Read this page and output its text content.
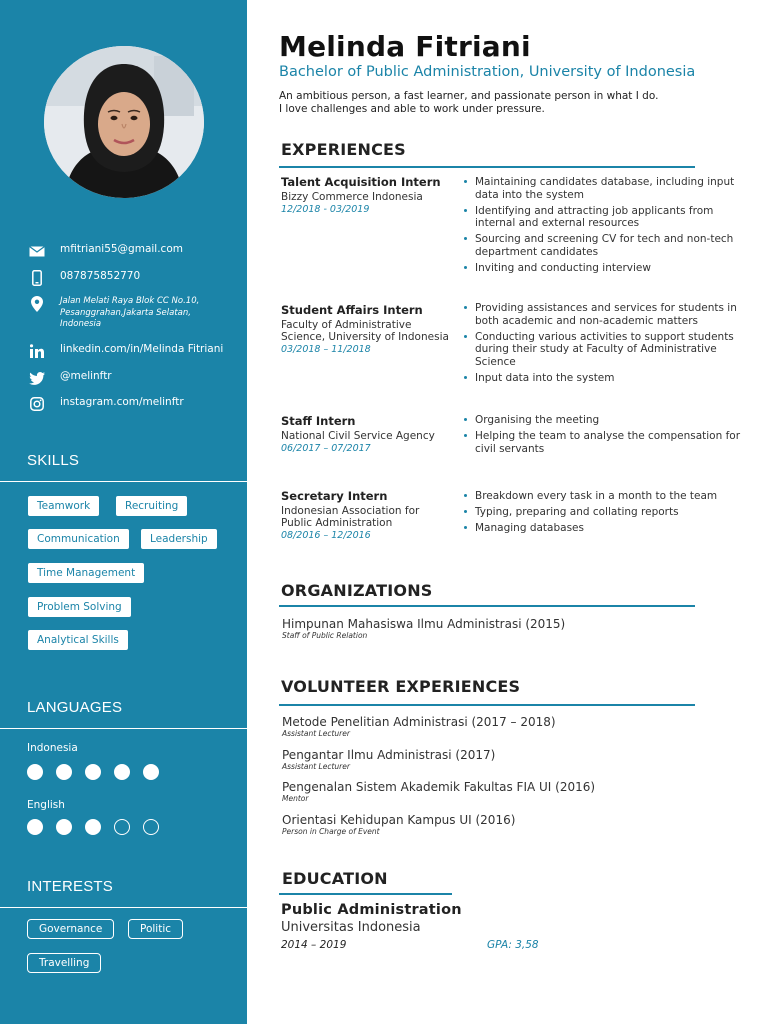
mfitriani55@gmail.com
087875852770
Jalan Melati Raya Blok CC No.10, Pesanggrahan,Jakarta Selatan, Indonesia
linkedin.com/in/Melinda Fitriani
@melinftr
instagram.com/melinftr
SKILLS
Teamwork	Recruiting
Communication	Leadership
Time Management
Problem Solving
Analytical Skills
LANGUAGES
Indonesia
English
INTERESTS
Governance	Politic
Travelling
Melinda Fitriani
Bachelor of Public Administration, University of Indonesia
An ambitious person, a fast learner, and passionate person in what I do.
I love challenges and able to work under pressure.
EXPERIENCES
Talent Acquisition Intern
Bizzy Commerce Indonesia
12/2018 - 03/2019
Maintaining candidates database, including input data into the system
Identifying and attracting job applicants from internal and external resources
Sourcing and screening CV for tech and non-tech department candidates
Inviting and conducting interview
Student Affairs Intern
Faculty of Administrative Science, University of Indonesia
03/2018 – 11/2018
Providing assistances and services for students in both academic and non-academic matters
Conducting various activities to support students during their study at Faculty of Administrative Science
Input data into the system
Staff Intern
National Civil Service Agency
06/2017 – 07/2017
Organising the meeting
Helping the team to analyse the compensation for civil servants
Secretary Intern
Indonesian Association for Public Administration
08/2016 – 12/2016
Breakdown every task in a month to the team
Typing, preparing and collating reports
Managing databases
ORGANIZATIONS
Himpunan Mahasiswa Ilmu Administrasi (2015)
Staff of Public Relation
VOLUNTEER EXPERIENCES
Metode Penelitian Administrasi (2017 – 2018)
Assistant Lecturer
Pengantar Ilmu Administrasi (2017)
Assistant Lecturer
Pengenalan Sistem Akademik Fakultas FIA UI (2016)
Mentor
Orientasi Kehidupan Kampus UI (2016)
Person in Charge of Event
EDUCATION
Public Administration
Universitas Indonesia
2014 – 2019	GPA: 3,58
